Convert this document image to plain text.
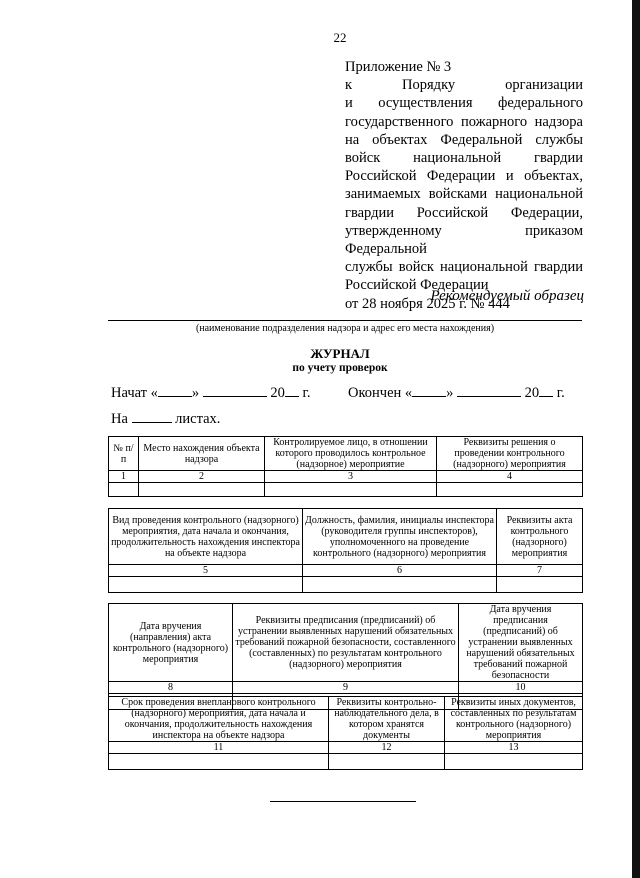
22
Приложение № 3
к Порядку организации
и осуществления федерального
государственного пожарного надзора
на объектах Федеральной службы
войск национальной гвардии
Российской Федерации и объектах,
занимаемых войсками национальной
гвардии Российской Федерации,
утвержденному приказом Федеральной
службы войск национальной гвардии
Российской Федерации
от 28 ноября 2025 г. № 444
Рекомендуемый образец
(наименование подразделения надзора и адрес его места нахождения)
ЖУРНАЛ
по учету проверок
Начат « »	20 г.	Окончен « »	20 г.
На	листах.
№ п/п	Место нахождения объекта надзора	Контролируемое лицо, в отношении которого проводилось контрольное (надзорное) мероприятие	Реквизиты решения о проведении контрольного (надзорного) мероприятия
1	2	3	4

Вид проведения контрольного (надзорного) мероприятия, дата начала и окончания, продолжительность нахождения инспектора на объекте надзора	Должность, фамилия, инициалы инспектора (руководителя группы инспекторов), уполномоченного на проведение контрольного (надзорного) мероприятия	Реквизиты акта контрольного (надзорного) мероприятия
5	6	7

Дата вручения (направления) акта контрольного (надзорного) мероприятия	Реквизиты предписания (предписаний) об устранении выявленных нарушений обязательных требований пожарной безопасности, составленного (составленных) по результатам контрольного (надзорного) мероприятия	Дата вручения предписания (предписаний) об устранении выявленных нарушений обязательных требований пожарной безопасности
8	9	10

Срок проведения внепланового контрольного (надзорного) мероприятия, дата начала и окончания, продолжительность нахождения инспектора на объекте надзора	Реквизиты контрольно-наблюдательного дела, в котором хранятся документы	Реквизиты иных документов, составленных по результатам контрольного (надзорного) мероприятия
11	12	13
